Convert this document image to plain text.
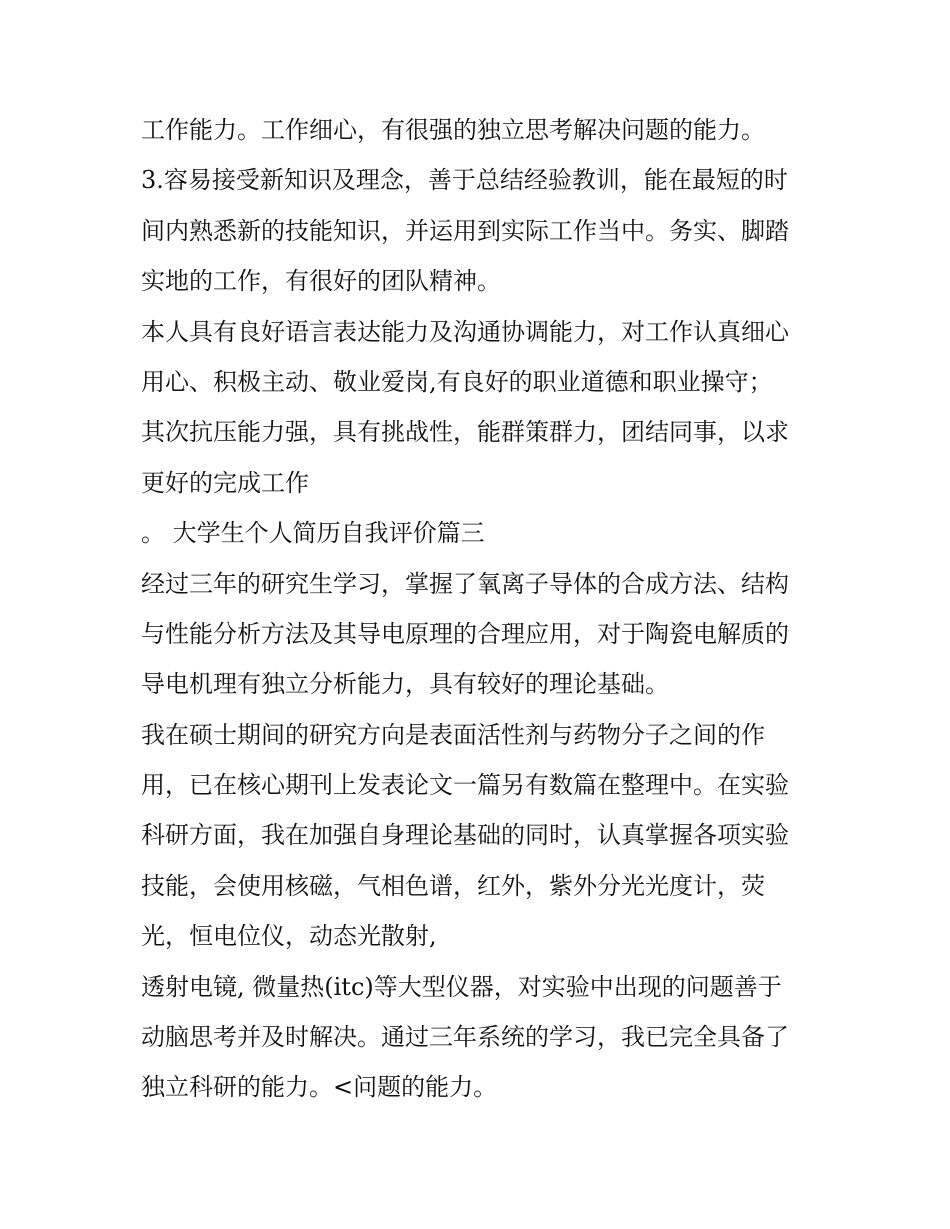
工作能力。工作细心，有很强的独立思考解决问题的能力。
3.容易接受新知识及理念，善于总结经验教训，能在最短的时
间内熟悉新的技能知识，并运用到实际工作当中。务实、脚踏
实地的工作，有很好的团队精神。
本人具有良好语言表达能力及沟通协调能力，对工作认真细心
用心、积极主动、敬业爱岗,有良好的职业道德和职业操守；
其次抗压能力强，具有挑战性，能群策群力，团结同事，以求
更好的完成工作
。 大学生个人简历自我评价篇三
经过三年的研究生学习，掌握了氧离子导体的合成方法、结构
与性能分析方法及其导电原理的合理应用，对于陶瓷电解质的
导电机理有独立分析能力，具有较好的理论基础。
我在硕士期间的研究方向是表面活性剂与药物分子之间的作
用，已在核心期刊上发表论文一篇另有数篇在整理中。在实验
科研方面，我在加强自身理论基础的同时，认真掌握各项实验
技能，会使用核磁，气相色谱，红外，紫外分光光度计，荧
光，恒电位仪，动态光散射,
透射电镜, 微量热(itc)等大型仪器，对实验中出现的问题善于
动脑思考并及时解决。通过三年系统的学习，我已完全具备了
独立科研的能力。<问题的能力。
